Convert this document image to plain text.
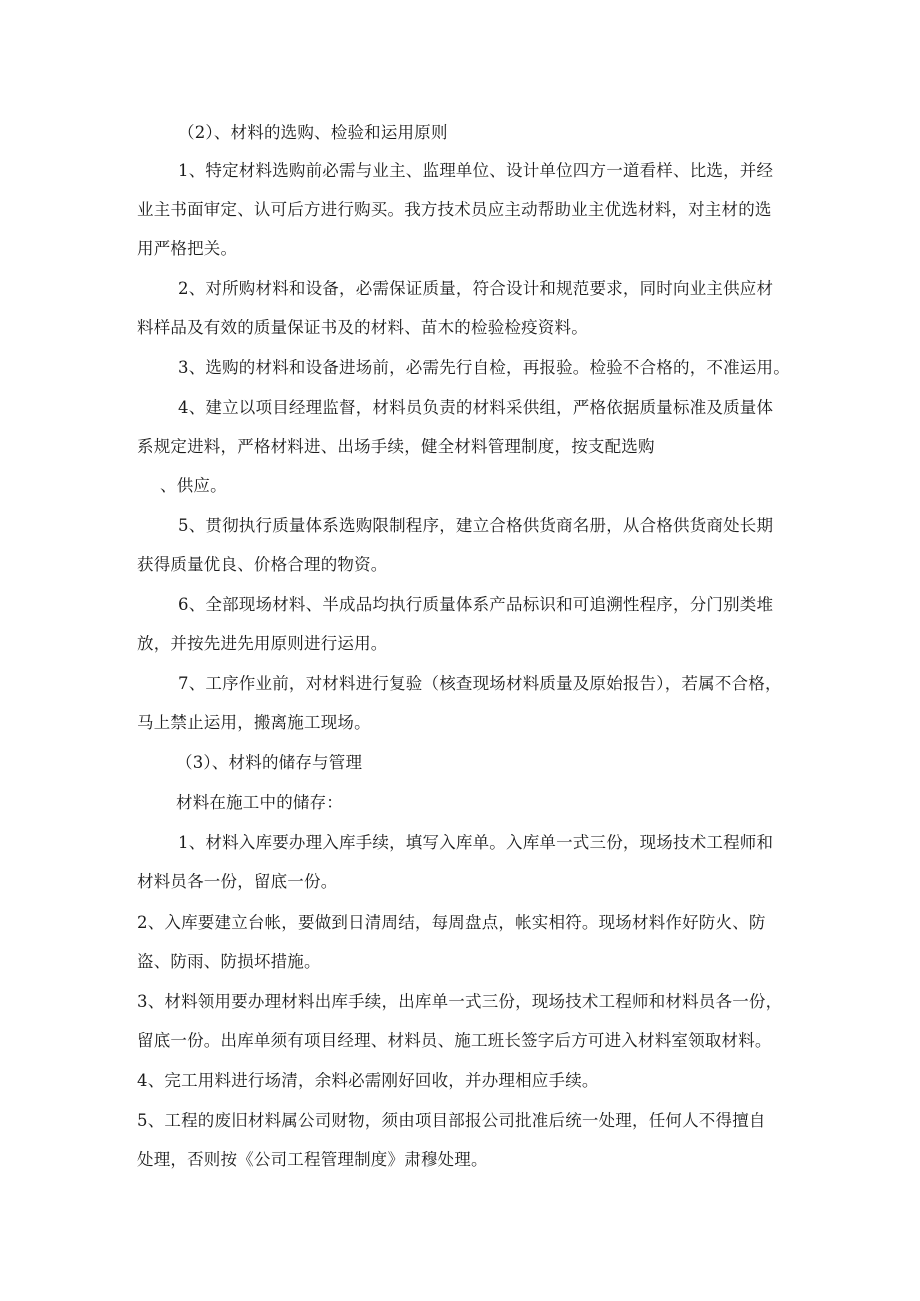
（2）、材料的选购、检验和运用原则
1、特定材料选购前必需与业主、监理单位、设计单位四方一道看样、比选，并经
业主书面审定、认可后方进行购买。我方技术员应主动帮助业主优选材料，对主材的选
用严格把关。
2、对所购材料和设备，必需保证质量，符合设计和规范要求，同时向业主供应材
料样品及有效的质量保证书及的材料、苗木的检验检疫资料。
3、选购的材料和设备进场前，必需先行自检，再报验。检验不合格的，不准运用。
4、建立以项目经理监督，材料员负责的材料采供组，严格依据质量标准及质量体
系规定进料，严格材料进、出场手续，健全材料管理制度，按支配选购
、供应。
5、贯彻执行质量体系选购限制程序，建立合格供货商名册，从合格供货商处长期
获得质量优良、价格合理的物资。
6、全部现场材料、半成品均执行质量体系产品标识和可追溯性程序，分门别类堆
放，并按先进先用原则进行运用。
7、工序作业前，对材料进行复验（核查现场材料质量及原始报告），若属不合格，
马上禁止运用，搬离施工现场。
（3）、材料的储存与管理
材料在施工中的储存：
1、材料入库要办理入库手续，填写入库单。入库单一式三份，现场技术工程师和
材料员各一份，留底一份。
2、入库要建立台帐，要做到日清周结，每周盘点，帐实相符。现场材料作好防火、防
盗、防雨、防损坏措施。
3、材料领用要办理材料出库手续，出库单一式三份，现场技术工程师和材料员各一份，
留底一份。出库单须有项目经理、材料员、施工班长签字后方可进入材料室领取材料。
4、完工用料进行场清，余料必需刚好回收，并办理相应手续。
5、工程的废旧材料属公司财物，须由项目部报公司批准后统一处理，任何人不得擅自
处理，否则按《公司工程管理制度》肃穆处理。
